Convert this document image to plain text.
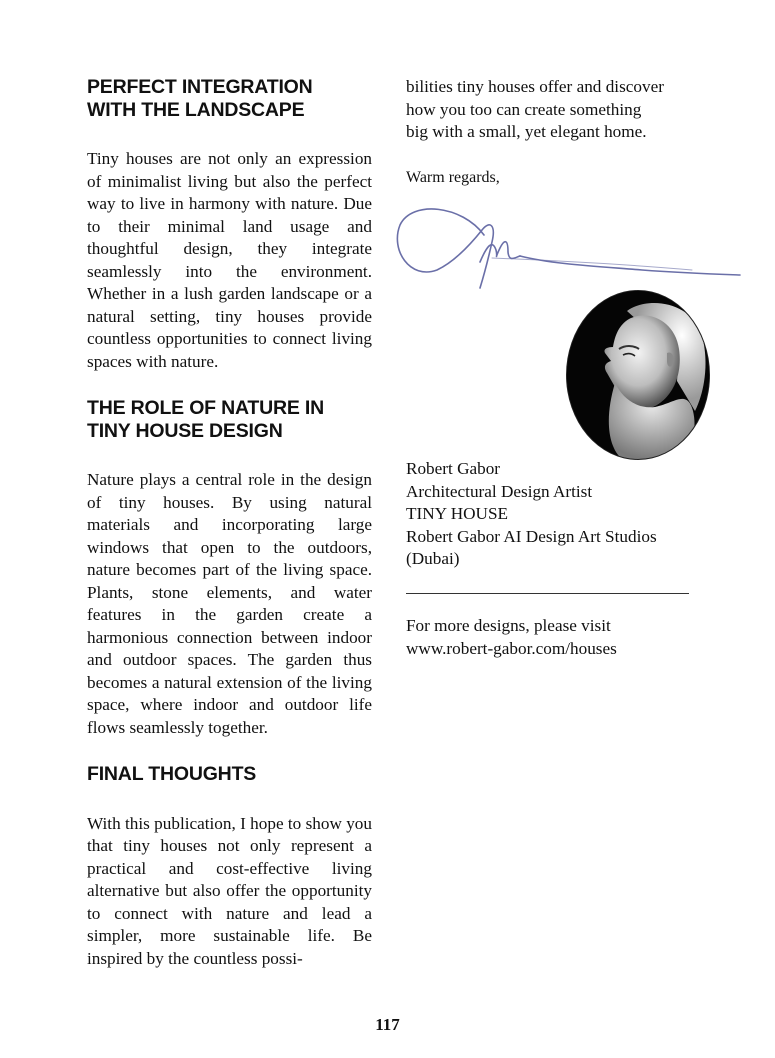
PERFECT INTEGRATION
WITH THE LANDSCAPE

Tiny houses are not only an expression of minimalist living but also the perfect way to live in harmony with nature. Due to their minimal land usage and thoughtful design, they integrate seamlessly into the environment. Whether in a lush garden landscape or a natural setting, tiny houses provide countless opportunities to connect living spaces with nature.

THE ROLE OF NATURE IN
TINY HOUSE DESIGN

Nature plays a central role in the design of tiny houses. By using natural materials and incorporating large windows that open to the outdoors, nature becomes part of the living space. Plants, stone elements, and water features in the garden create a harmonious connection between indoor and outdoor spaces. The garden thus becomes a natural extension of the living space, where indoor and outdoor life flows seamlessly together.

FINAL THOUGHTS

With this publication, I hope to show you that tiny houses not only represent a practical and cost-effective living alternative but also offer the opportunity to connect with nature and lead a simpler, more sustainable life. Be inspired by the countless possi-

bilities tiny houses offer and discover
how you too can create something
big with a small, yet elegant home.

Warm regards,

Robert Gabor

Architectural Design Artist

TINY HOUSE

Robert Gabor AI Design Art Studios

(Dubai)

For more designs, please visit

www.robert-gabor.com/houses

117
